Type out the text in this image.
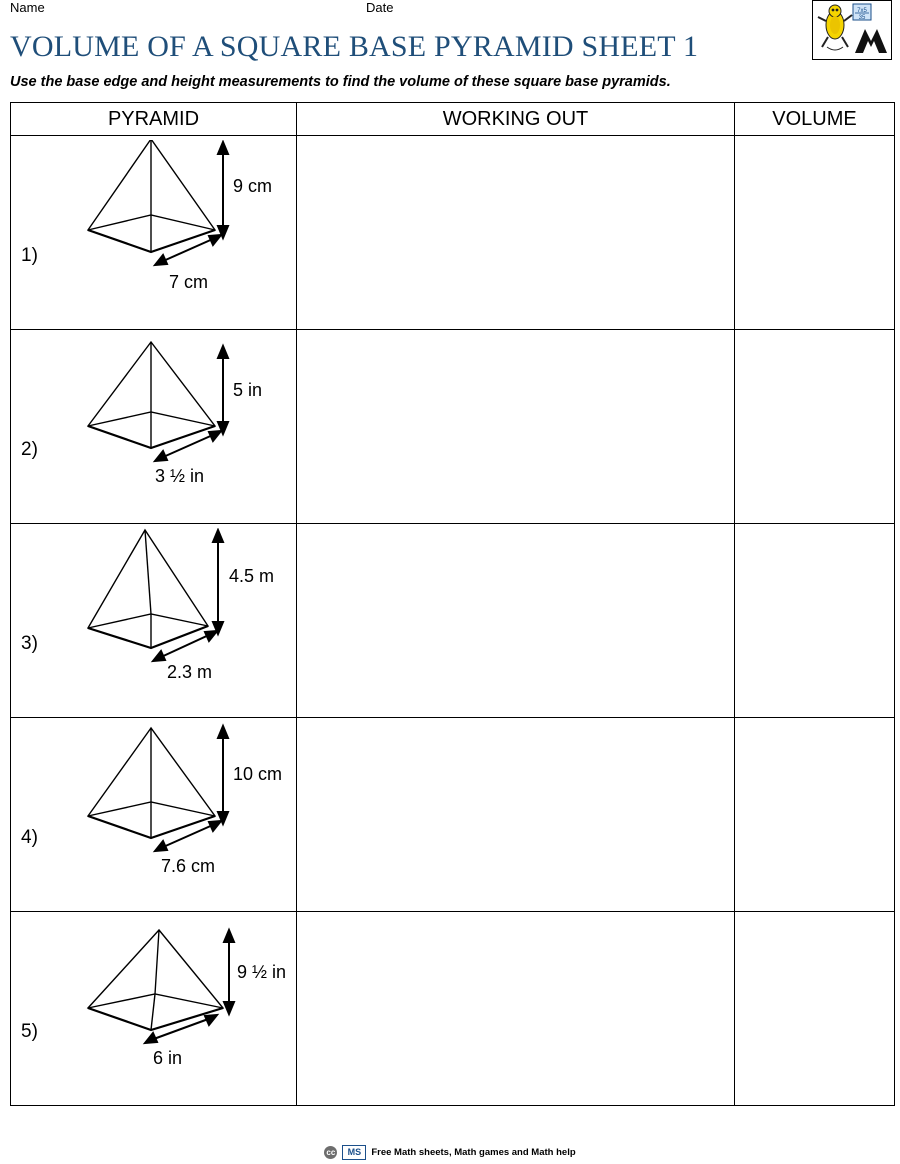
Name	Date	7x5
35
VOLUME OF A SQUARE BASE PYRAMID SHEET 1
Use the base edge and height measurements to find the volume of these square base pyramids.
PYRAMID	WORKING OUT	VOLUME

1)
9 cm
7 cm		

2)
5 in
3 ½ in		

3)
4.5 m
2.3 m		

4)
10 cm
7.6 cm		

5)
9 ½ in
6 in		

cc	MS	Free Math sheets, Math games and Math help
